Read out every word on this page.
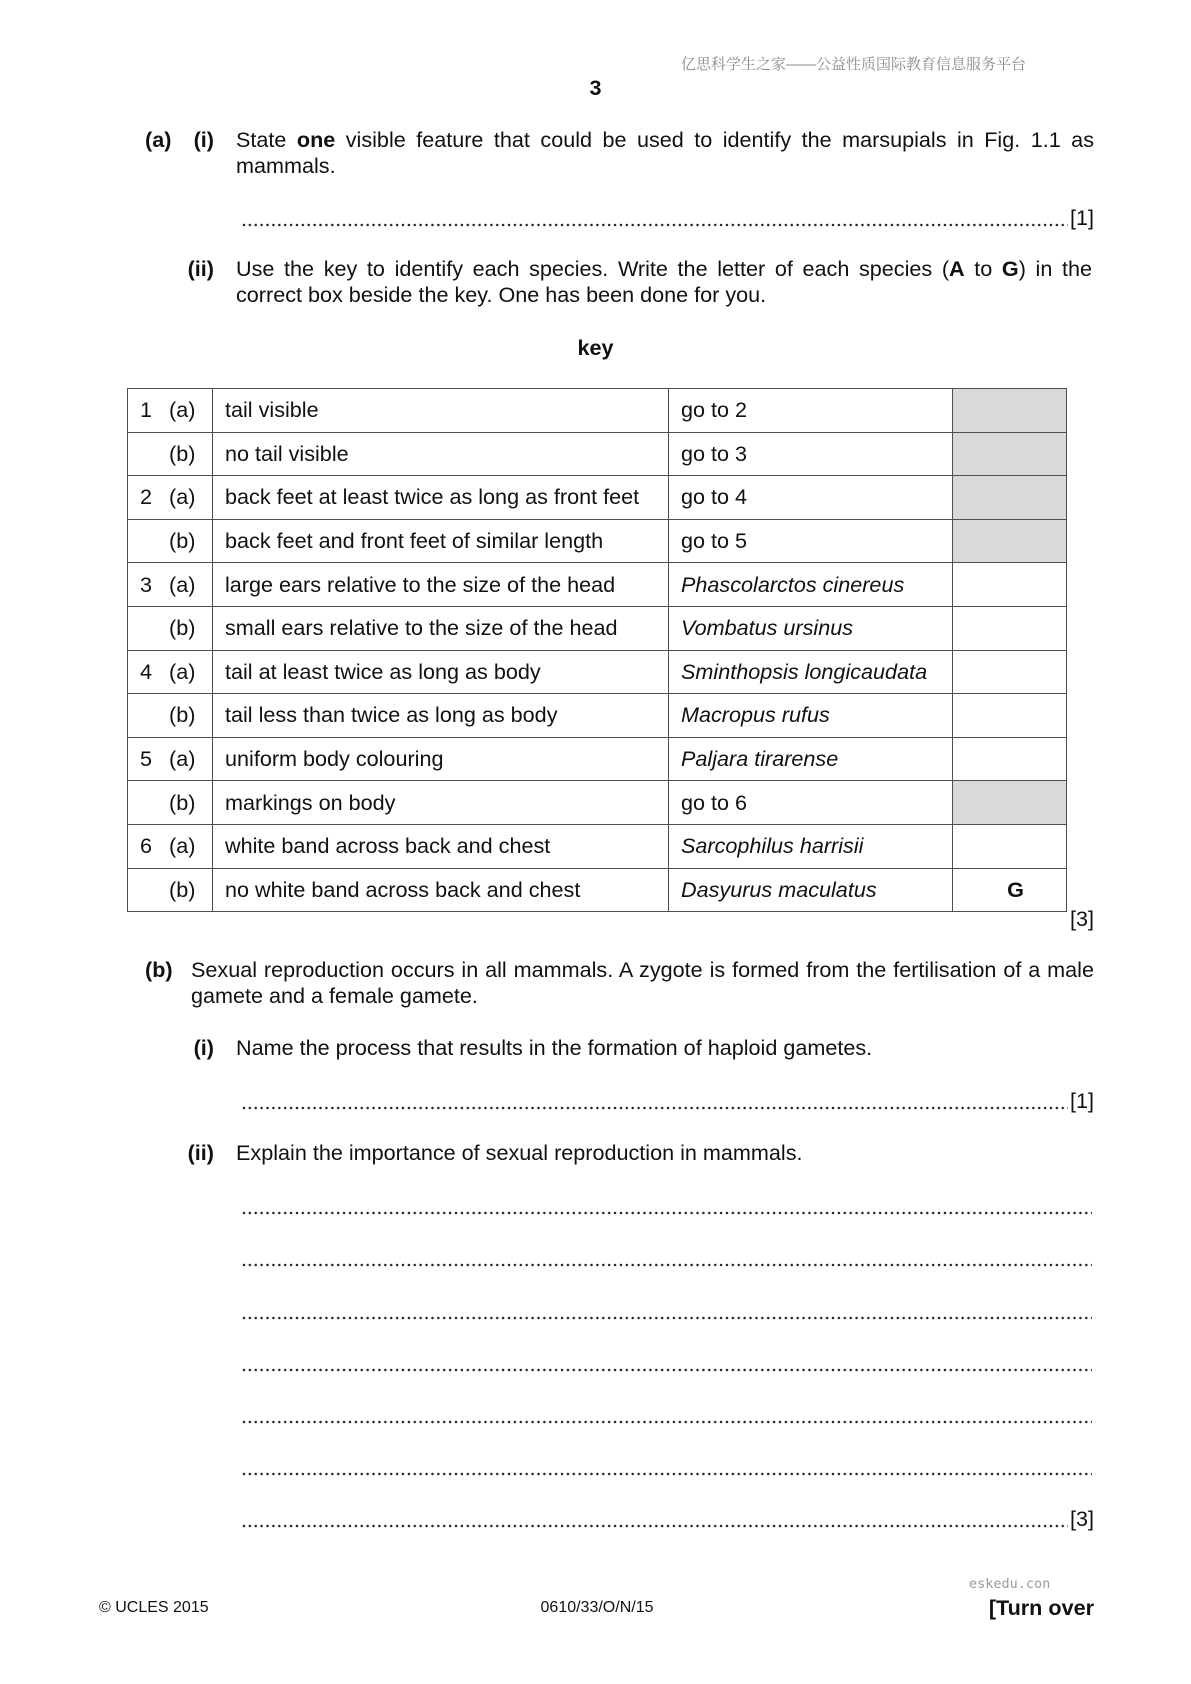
亿思科学生之家——公益性质国际教育信息服务平台
3
(a)	(i) State one visible feature that could be used to identify the marsupials in Fig. 1.1 as mammals.
[1]
(ii) Use the key to identify each species. Write the letter of each species (A to G) in the correct box beside the key. One has been done for you.
key
1 (a)	tail visible	go to 2	
(b)	no tail visible	go to 3	
2 (a)	back feet at least twice as long as front feet	go to 4	
(b)	back feet and front feet of similar length	go to 5	
3 (a)	large ears relative to the size of the head	Phascolarctos cinereus	
(b)	small ears relative to the size of the head	Vombatus ursinus	
4 (a)	tail at least twice as long as body	Sminthopsis longicaudata	
(b)	tail less than twice as long as body	Macropus rufus	
5 (a)	uniform body colouring	Paljara tirarense	
(b)	markings on body	go to 6	
6 (a)	white band across back and chest	Sarcophilus harrisii	
(b)	no white band across back and chest	Dasyurus maculatus	G
[3]
(b) Sexual reproduction occurs in all mammals. A zygote is formed from the fertilisation of a male gamete and a female gamete.
(i) Name the process that results in the formation of haploid gametes.
[1]
(ii) Explain the importance of sexual reproduction in mammals.
[3]
eskedu.con
© UCLES 2015	0610/33/O/N/15	[Turn over
